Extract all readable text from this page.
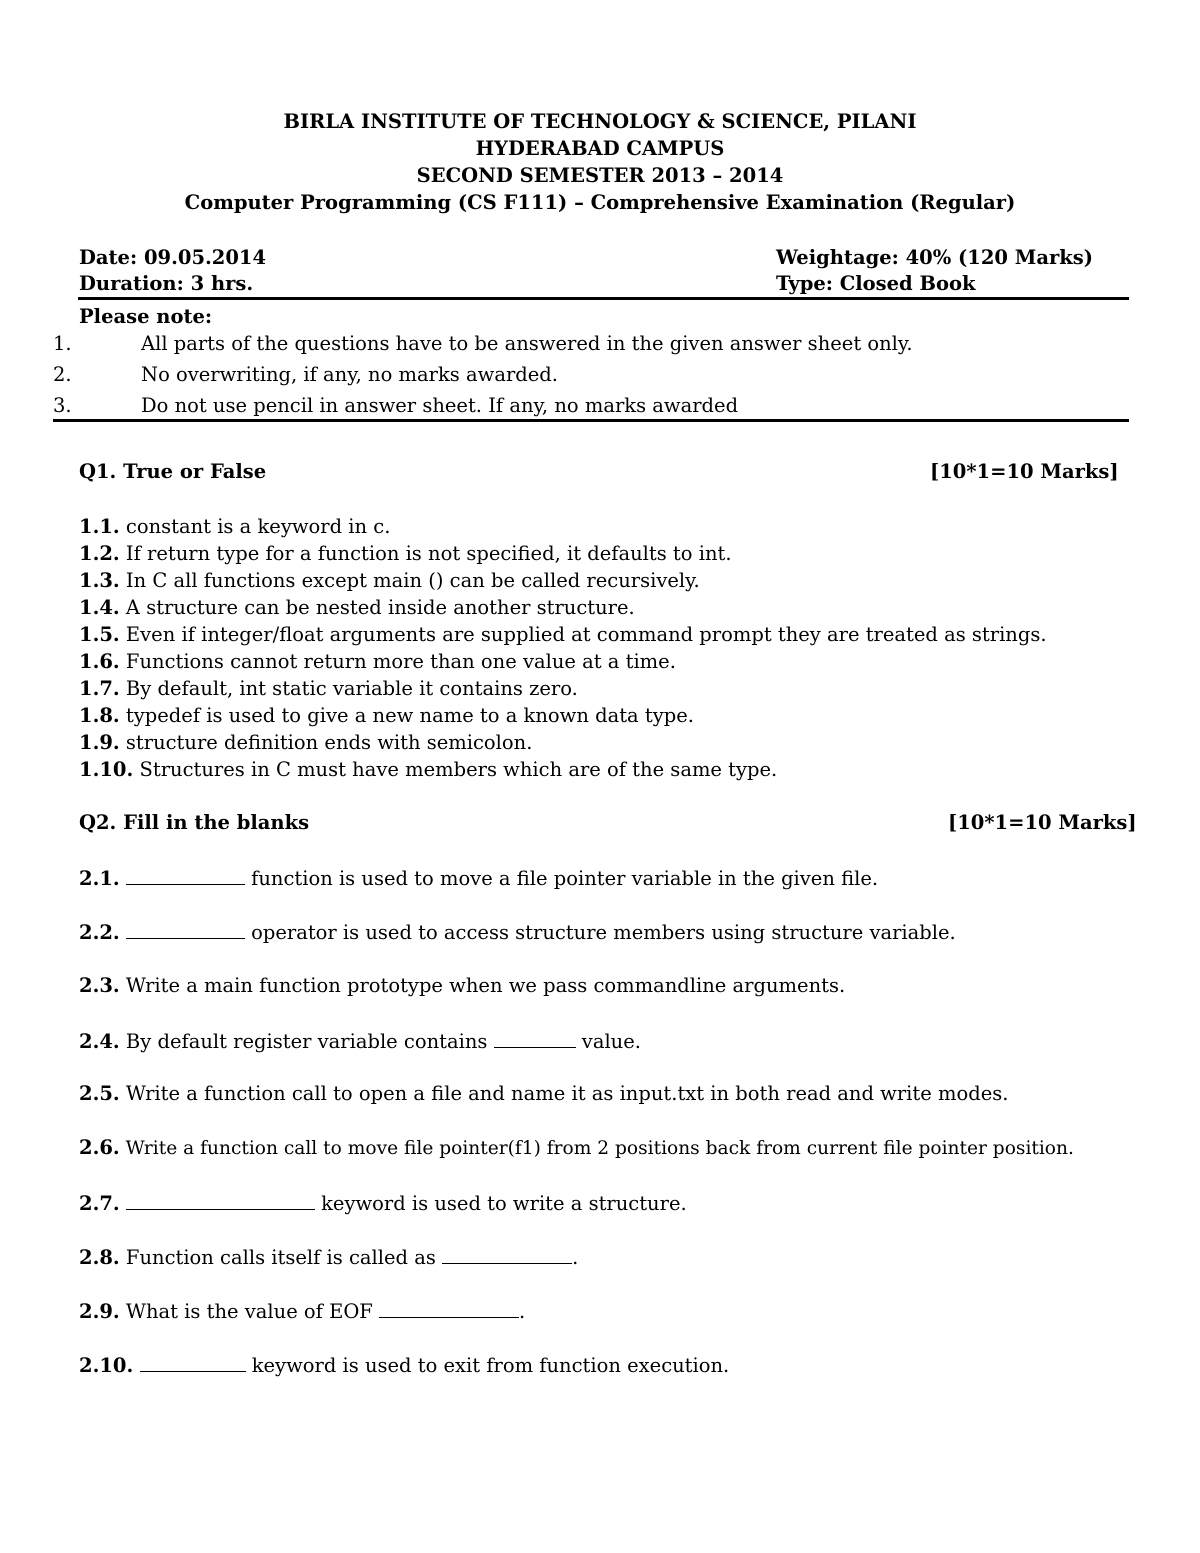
BIRLA INSTITUTE OF TECHNOLOGY & SCIENCE, PILANI
HYDERABAD CAMPUS
SECOND SEMESTER 2013 – 2014
Computer Programming (CS F111) – Comprehensive Examination (Regular)
Date: 09.05.2014	Weightage: 40% (120 Marks)
Duration: 3 hrs.	Type: Closed Book
Please note:
1.	All parts of the questions have to be answered in the given answer sheet only.
2.	No overwriting, if any, no marks awarded.
3.	Do not use pencil in answer sheet. If any, no marks awarded
Q1. True or False	[10*1=10 Marks]
1.1. constant is a keyword in c.
1.2. If return type for a function is not specified, it defaults to int.
1.3. In C all functions except main () can be called recursively.
1.4. A structure can be nested inside another structure.
1.5. Even if integer/float arguments are supplied at command prompt they are treated as strings.
1.6. Functions cannot return more than one value at a time.
1.7. By default, int static variable it contains zero.
1.8. typedef is used to give a new name to a known data type.
1.9. structure definition ends with semicolon.
1.10. Structures in C must have members which are of the same type.
Q2. Fill in the blanks	[10*1=10 Marks]
2.1.	function is used to move a file pointer variable in the given file.
2.2.	operator is used to access structure members using structure variable.
2.3. Write a main function prototype when we pass commandline arguments.
2.4. By default register variable contains	value.
2.5. Write a function call to open a file and name it as input.txt in both read and write modes.
2.6. Write a function call to move file pointer(f1) from 2 positions back from current file pointer position.
2.7.	keyword is used to write a structure.
2.8. Function calls itself is called as	.
2.9. What is the value of EOF	.
2.10.	keyword is used to exit from function execution.
